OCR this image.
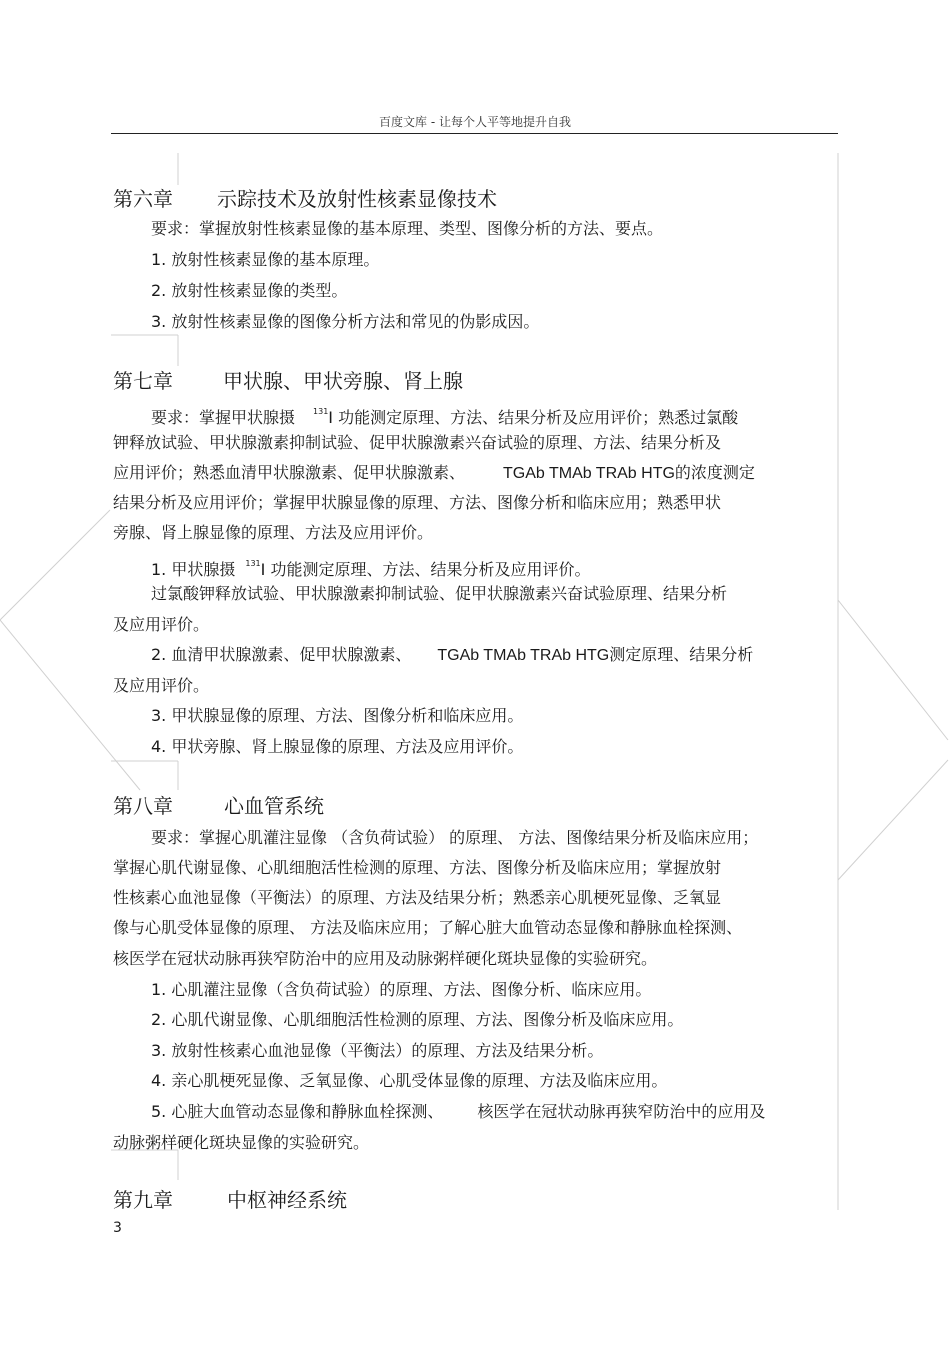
百度文库 - 让每个人平等地提升自我
第六章 示踪技术及放射性核素显像技术
要求：掌握放射性核素显像的基本原理、类型、图像分析的方法、要点。
1. 放射性核素显像的基本原理。
2. 放射性核素显像的类型。
3. 放射性核素显像的图像分析方法和常见的伪影成因。
第七章	甲状腺、甲状旁腺、肾上腺
要求：掌握甲状腺摄 $^{131}$I 功能测定原理、方法、结果分析及应用评价；熟悉过氯酸
钾释放试验、甲状腺激素抑制试验、促甲状腺激素兴奋试验的原理、方法、结果分析及
应用评价；熟悉血清甲状腺激素、促甲状腺激素、 TGAb TMAb TRAb HTG的浓度测定
结果分析及应用评价；掌握甲状腺显像的原理、方法、图像分析和临床应用；熟悉甲状
旁腺、肾上腺显像的原理、方法及应用评价。
1. 甲状腺摄 $^{131}$I 功能测定原理、方法、结果分析及应用评价。
过氯酸钾释放试验、甲状腺激素抑制试验、促甲状腺激素兴奋试验原理、结果分析
及应用评价。
2. 血清甲状腺激素、促甲状腺激素、 TGAb TMAb TRAb HTG测定原理、结果分析
及应用评价。
3. 甲状腺显像的原理、方法、图像分析和临床应用。
4. 甲状旁腺、肾上腺显像的原理、方法及应用评价。
第八章	心血管系统
要求：掌握心肌灌注显像 （含负荷试验） 的原理、 方法、图像结果分析及临床应用；
掌握心肌代谢显像、心肌细胞活性检测的原理、方法、图像分析及临床应用；掌握放射
性核素心血池显像（平衡法）的原理、方法及结果分析；熟悉亲心肌梗死显像、乏氧显
像与心肌受体显像的原理、 方法及临床应用；了解心脏大血管动态显像和静脉血栓探测、
核医学在冠状动脉再狭窄防治中的应用及动脉粥样硬化斑块显像的实验研究。
1. 心肌灌注显像（含负荷试验）的原理、方法、图像分析、临床应用。
2. 心肌代谢显像、心肌细胞活性检测的原理、方法、图像分析及临床应用。
3. 放射性核素心血池显像（平衡法）的原理、方法及结果分析。
4. 亲心肌梗死显像、乏氧显像、心肌受体显像的原理、方法及临床应用。
5. 心脏大血管动态显像和静脉血栓探测、 核医学在冠状动脉再狭窄防治中的应用及
动脉粥样硬化斑块显像的实验研究。
第九章	中枢神经系统
3
